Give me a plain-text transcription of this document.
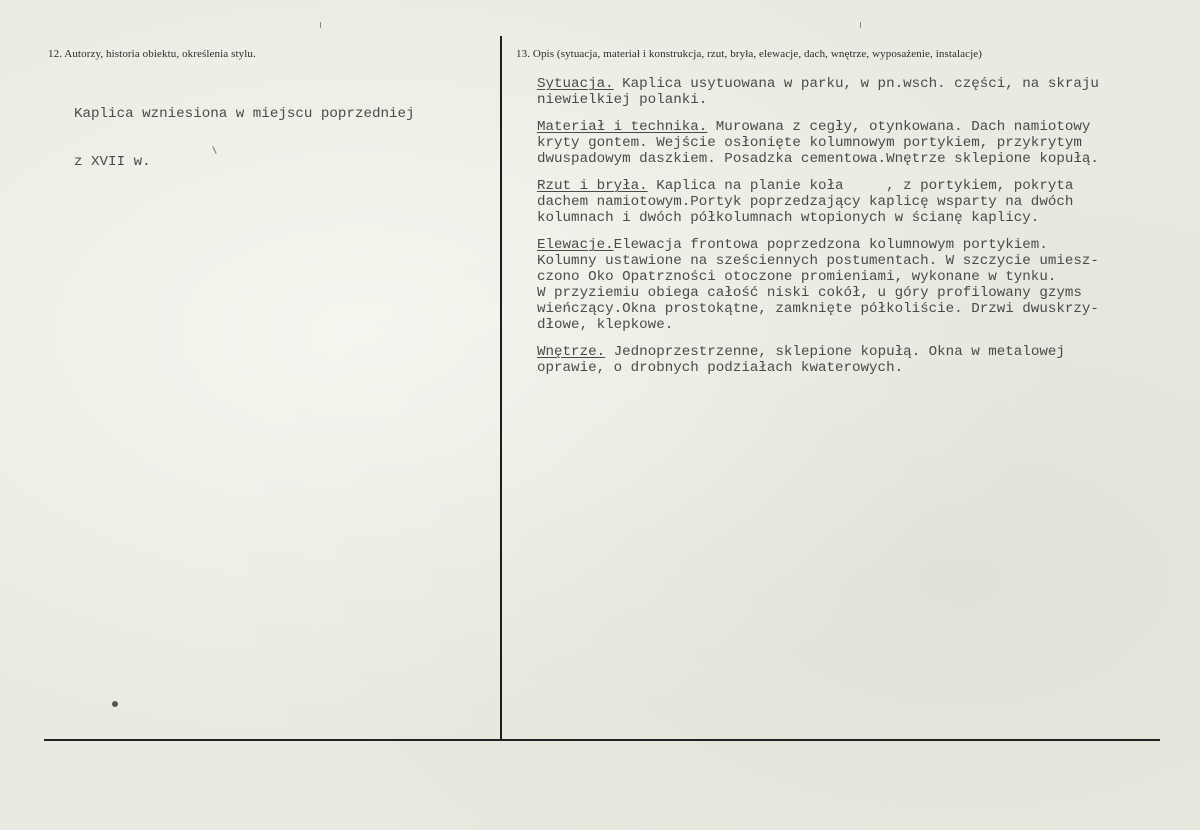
12. Autorzy, historia obiektu, określenia stylu.

Kaplica wzniesiona w miejscu poprzedniej

z XVII w.

13. Opis (sytuacja, materiał i konstrukcja, rzut, bryła, elewacje, dach, wnętrze, wyposażenie, instalacje)
Sytuacja. Kaplica usytuowana w parku, w pn.wsch. części, na skraju
niewielkiej polanki.
Materiał i technika. Murowana z cegły, otynkowana. Dach namiotowy
kryty gontem. Wejście osłonięte kolumnowym portykiem, przykrytym
dwuspadowym daszkiem. Posadzka cementowa.Wnętrze sklepione kopułą.
Rzut i bryła. Kaplica na planie koła     , z portykiem, pokryta
dachem namiotowym.Portyk poprzedzający kaplicę wsparty na dwóch
kolumnach i dwóch półkolumnach wtopionych w ścianę kaplicy.
Elewacje.Elewacja frontowa poprzedzona kolumnowym portykiem.
Kolumny ustawione na sześciennych postumentach. W szczycie umiesz-
czono Oko Opatrzności otoczone promieniami, wykonane w tynku.
W przyziemiu obiega całość niski cokół, u góry profilowany gzyms
wieńczący.Okna prostokątne, zamknięte półkoliście. Drzwi dwuskrzy-
dłowe, klepkowe.
Wnętrze. Jednoprzestrzenne, sklepione kopułą. Okna w metalowej
oprawie, o drobnych podziałach kwaterowych.
